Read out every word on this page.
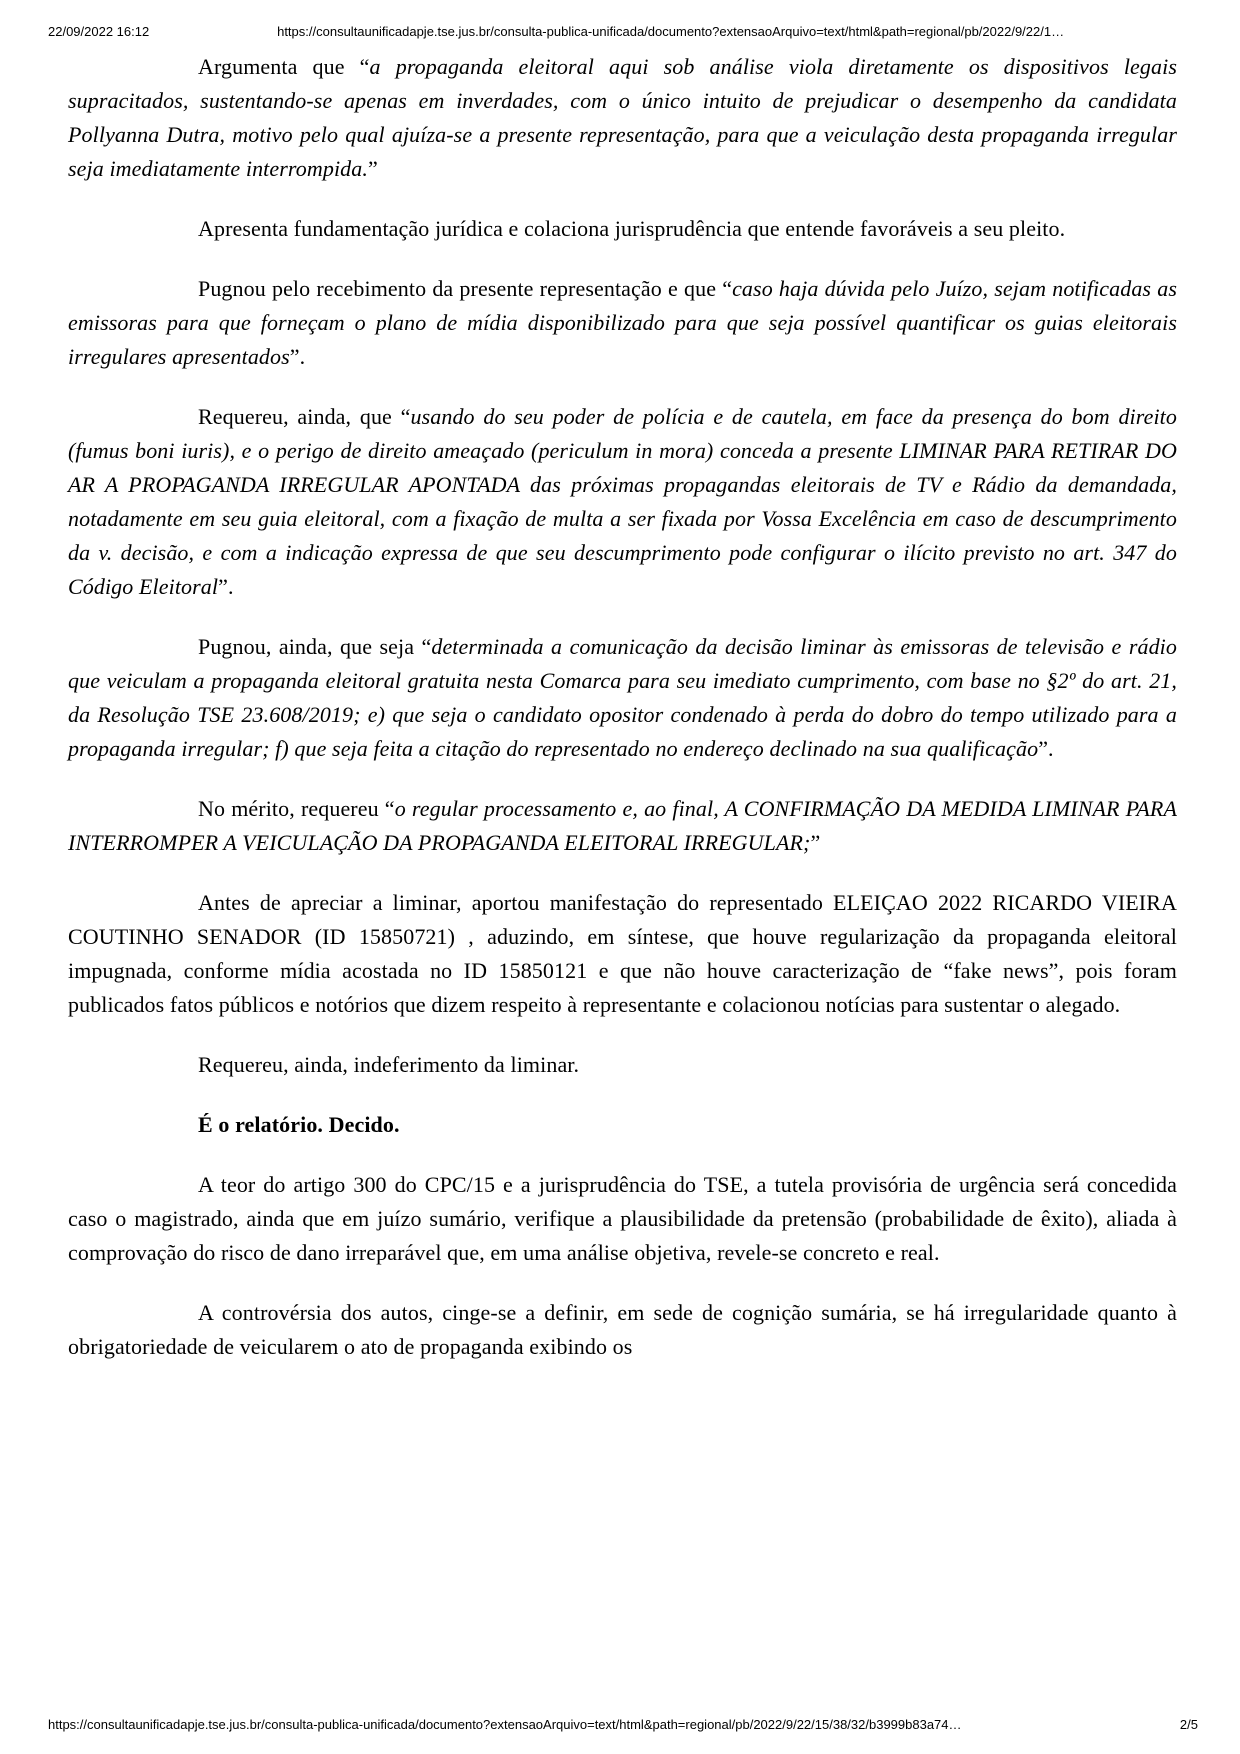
22/09/2022 16:12	https://consultaunificadapje.tse.jus.br/consulta-publica-unificada/documento?extensaoArquivo=text/html&path=regional/pb/2022/9/22/1…

Argumenta que “a propaganda eleitoral aqui sob análise viola diretamente os dispositivos legais supracitados, sustentando-se apenas em inverdades, com o único intuito de prejudicar o desempenho da candidata Pollyanna Dutra, motivo pelo qual ajuíza-se a presente representação, para que a veiculação desta propaganda irregular seja imediatamente interrompida.”

Apresenta fundamentação jurídica e colaciona jurisprudência que entende favoráveis a seu pleito.

Pugnou pelo recebimento da presente representação e que “caso haja dúvida pelo Juízo, sejam notificadas as emissoras para que forneçam o plano de mídia disponibilizado para que seja possível quantificar os guias eleitorais irregulares apresentados”.

Requereu, ainda, que “usando do seu poder de polícia e de cautela, em face da presença do bom direito (fumus boni iuris), e o perigo de direito ameaçado (periculum in mora) conceda a presente LIMINAR PARA RETIRAR DO AR A PROPAGANDA IRREGULAR APONTADA das próximas propagandas eleitorais de TV e Rádio da demandada, notadamente em seu guia eleitoral, com a fixação de multa a ser fixada por Vossa Excelência em caso de descumprimento da v. decisão, e com a indicação expressa de que seu descumprimento pode configurar o ilícito previsto no art. 347 do Código Eleitoral”.

Pugnou, ainda, que seja “determinada a comunicação da decisão liminar às emissoras de televisão e rádio que veiculam a propaganda eleitoral gratuita nesta Comarca para seu imediato cumprimento, com base no §2º do art. 21, da Resolução TSE 23.608/2019; e) que seja o candidato opositor condenado à perda do dobro do tempo utilizado para a propaganda irregular; f) que seja feita a citação do representado no endereço declinado na sua qualificação”.

No mérito, requereu “o regular processamento e, ao final, A CONFIRMAÇÃO DA MEDIDA LIMINAR PARA INTERROMPER A VEICULAÇÃO DA PROPAGANDA ELEITORAL IRREGULAR;”

Antes de apreciar a liminar, aportou manifestação do representado ELEIÇAO 2022 RICARDO VIEIRA COUTINHO SENADOR (ID 15850721) , aduzindo, em síntese, que houve regularização da propaganda eleitoral impugnada, conforme mídia acostada no ID 15850121 e que não houve caracterização de “fake news”, pois foram publicados fatos públicos e notórios que dizem respeito à representante e colacionou notícias para sustentar o alegado.

Requereu, ainda, indeferimento da liminar.

É o relatório. Decido.

A teor do artigo 300 do CPC/15 e a jurisprudência do TSE, a tutela provisória de urgência será concedida caso o magistrado, ainda que em juízo sumário, verifique a plausibilidade da pretensão (probabilidade de êxito), aliada à comprovação do risco de dano irreparável que, em uma análise objetiva, revele-se concreto e real.

A controvérsia dos autos, cinge-se a definir, em sede de cognição sumária, se há irregularidade quanto à obrigatoriedade de veicularem o ato de propaganda exibindo os

https://consultaunificadapje.tse.jus.br/consulta-publica-unificada/documento?extensaoArquivo=text/html&path=regional/pb/2022/9/22/15/38/32/b3999b83a74…	2/5
